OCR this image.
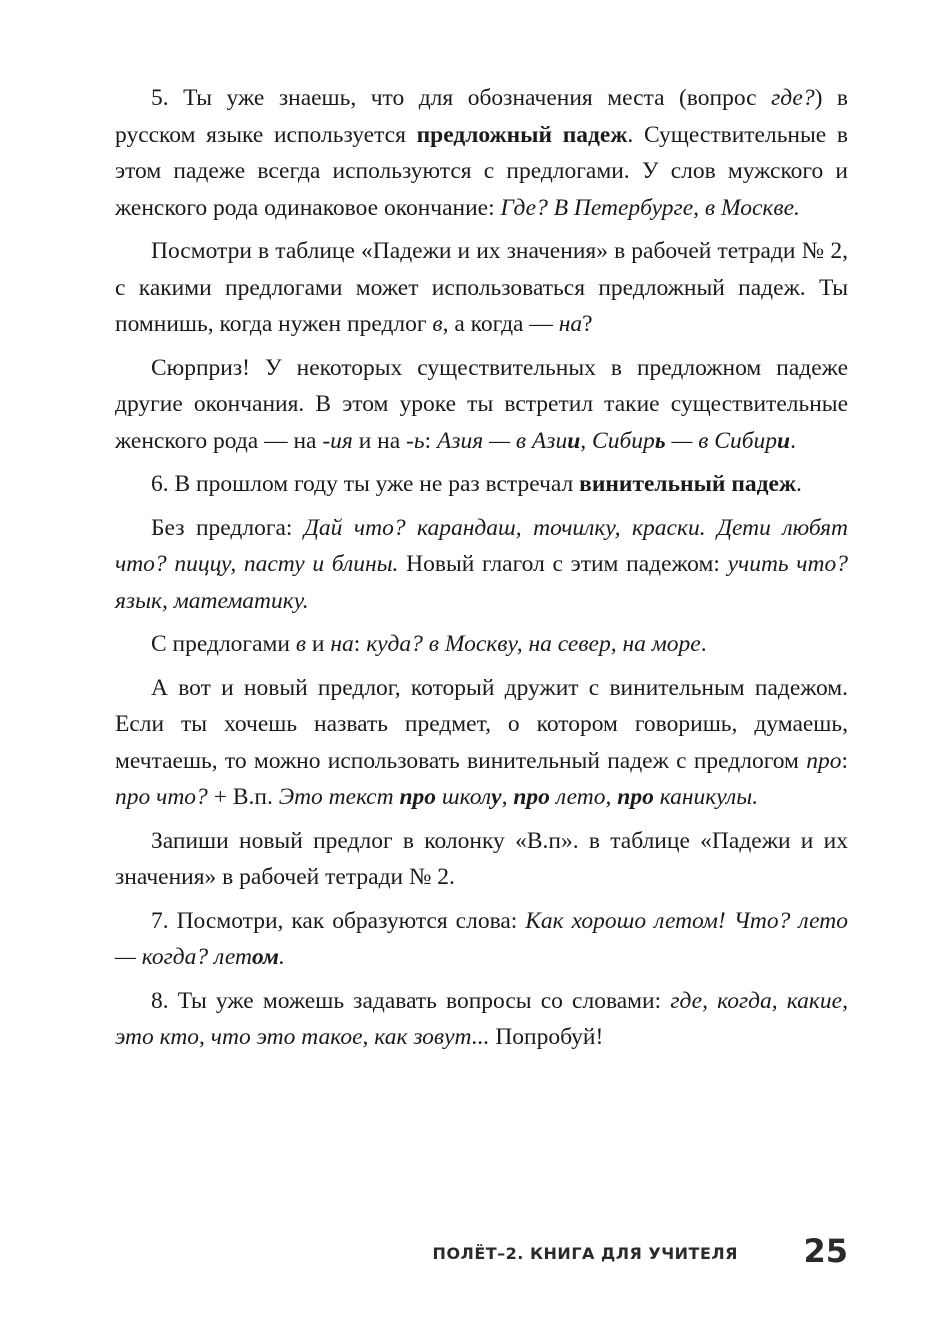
5. Ты уже знаешь, что для обозначения места (вопрос где?) в русском языке используется предложный падеж. Существительные в этом падеже всегда используются с предлогами. У слов мужского и женского рода одинаковое окончание: Где? В Петербурге, в Москве.

Посмотри в таблице «Падежи и их значения» в рабочей тетради № 2, с какими предлогами может использоваться предложный падеж. Ты помнишь, когда нужен предлог в, а когда — на?

Сюрприз! У некоторых существительных в предложном падеже другие окончания. В этом уроке ты встретил такие существительные женского рода — на -ия и на -ь: Азия — в Азии, Сибирь — в Сибири.

6. В прошлом году ты уже не раз встречал винительный падеж.

Без предлога: Дай что? карандаш, точилку, краски. Дети любят что? пиццу, пасту и блины. Новый глагол с этим падежом: учить что? язык, математику.

С предлогами в и на: куда? в Москву, на север, на море.

А вот и новый предлог, который дружит с винительным падежом. Если ты хочешь назвать предмет, о котором говоришь, думаешь, мечтаешь, то можно использовать винительный падеж с предлогом про: про что? + В.п. Это текст про школу, про лето, про каникулы.

Запиши новый предлог в колонку «В.п». в таблице «Падежи и их значения» в рабочей тетради № 2.

7. Посмотри, как образуются слова: Как хорошо летом! Что? лето — когда? летом.

8. Ты уже можешь задавать вопросы со словами: где, когда, какие, это кто, что это такое, как зовут... Попробуй!

ПОЛЁТ–2. КНИГА ДЛЯ УЧИТЕЛЯ 25
